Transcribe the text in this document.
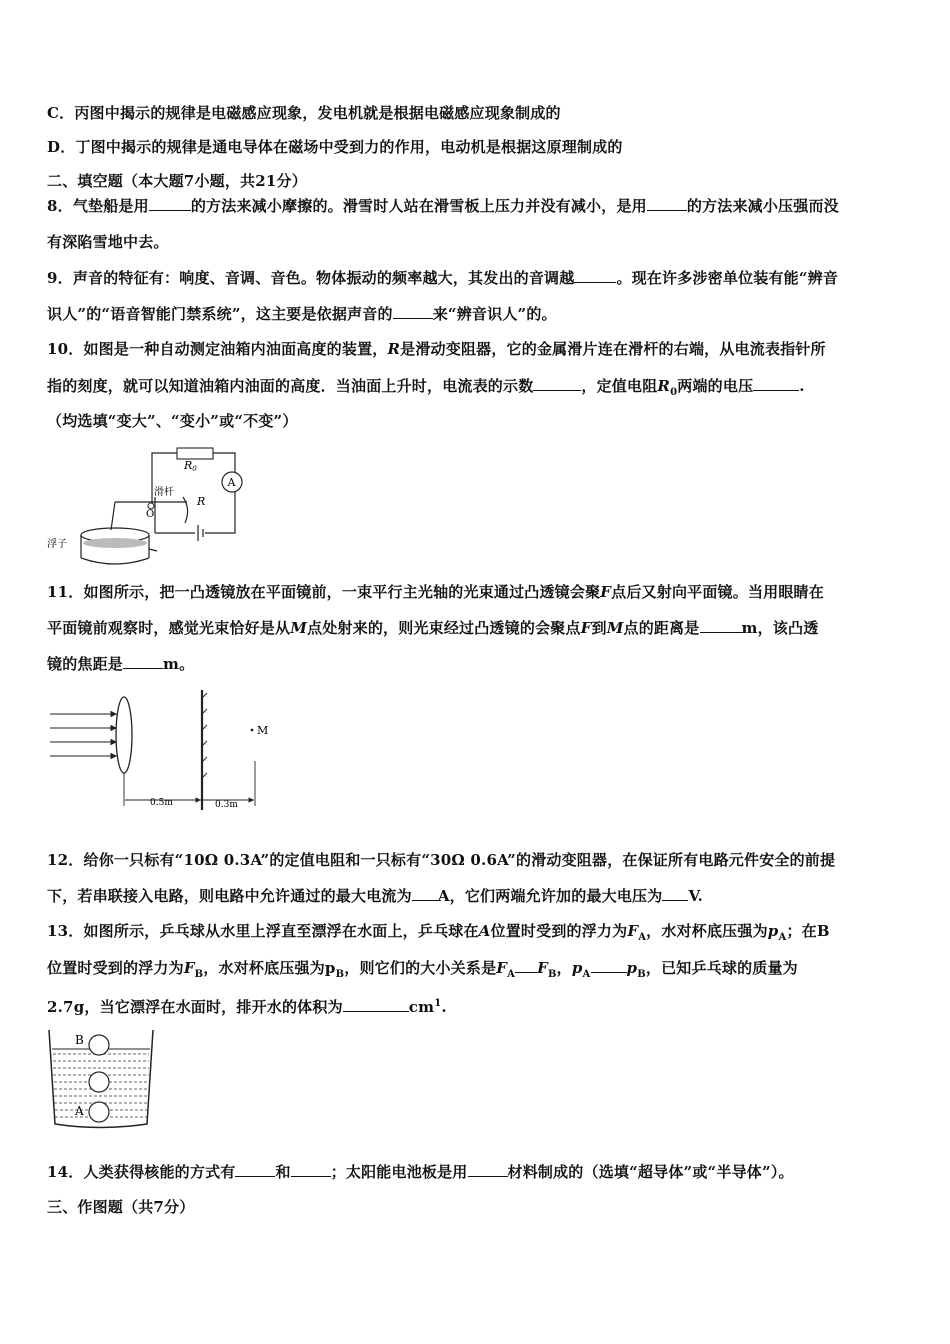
C．丙图中揭示的规律是电磁感应现象，发电机就是根据电磁感应现象制成的
D．丁图中揭示的规律是通电导体在磁场中受到力的作用，电动机是根据这原理制成的
二、填空题（本大题7小题，共21分）
8．气垫船是用	的方法来减小摩擦的。滑雪时人站在滑雪板上压力并没有减小，是用	的方法来减小压强而没
有深陷雪地中去。
9．声音的特征有：响度、音调、音色。物体振动的频率越大，其发出的音调越	。现在许多涉密单位装有能“辨音
识人”的“语音智能门禁系统”，这主要是依据声音的	来“辨音识人”的。
10．如图是一种自动测定油箱内油面高度的装置，R是滑动变阻器，它的金属滑片连在滑杆的右端，从电流表指针所
指的刻度，就可以知道油箱内油面的高度．当油面上升时，电流表的示数	，定值电阻$R_0$两端的电压	.
（均选填“变大”、“变小”或“不变”）
R0
A
滑杆
O
R
浮子
11．如图所示，把一凸透镜放在平面镜前，一束平行主光轴的光束通过凸透镜会聚F点后又射向平面镜。当用眼睛在
平面镜前观察时，感觉光束恰好是从M点处射来的，则光束经过凸透镜的会聚点F到M点的距离是	m，该凸透
镜的焦距是	m。
M
0.5m	0.3m
12．给你一只标有“10Ω 0.3A”的定值电阻和一只标有“30Ω 0.6A”的滑动变阻器，在保证所有电路元件安全的前提
下，若串联接入电路，则电路中允许通过的最大电流为 A，它们两端允许加的最大电压为 V.
13．如图所示，乒乓球从水里上浮直至漂浮在水面上，乒乓球在A位置时受到的浮力为$F_A$，水对杯底压强为$p_A$；在B
位置时受到的浮力为$F_B$，水对杯底压强为$p_B$，则它们的大小关系是$F_A$ $F_B$，$p_A$ $p_B$，已知乒乓球的质量为
2.7g，当它漂浮在水面时，排开水的体积为	$cm^1$.
B
A
14．人类获得核能的方式有	和	；太阳能电池板是用	材料制成的（选填“超导体”或“半导体”）。
三、作图题（共7分）
